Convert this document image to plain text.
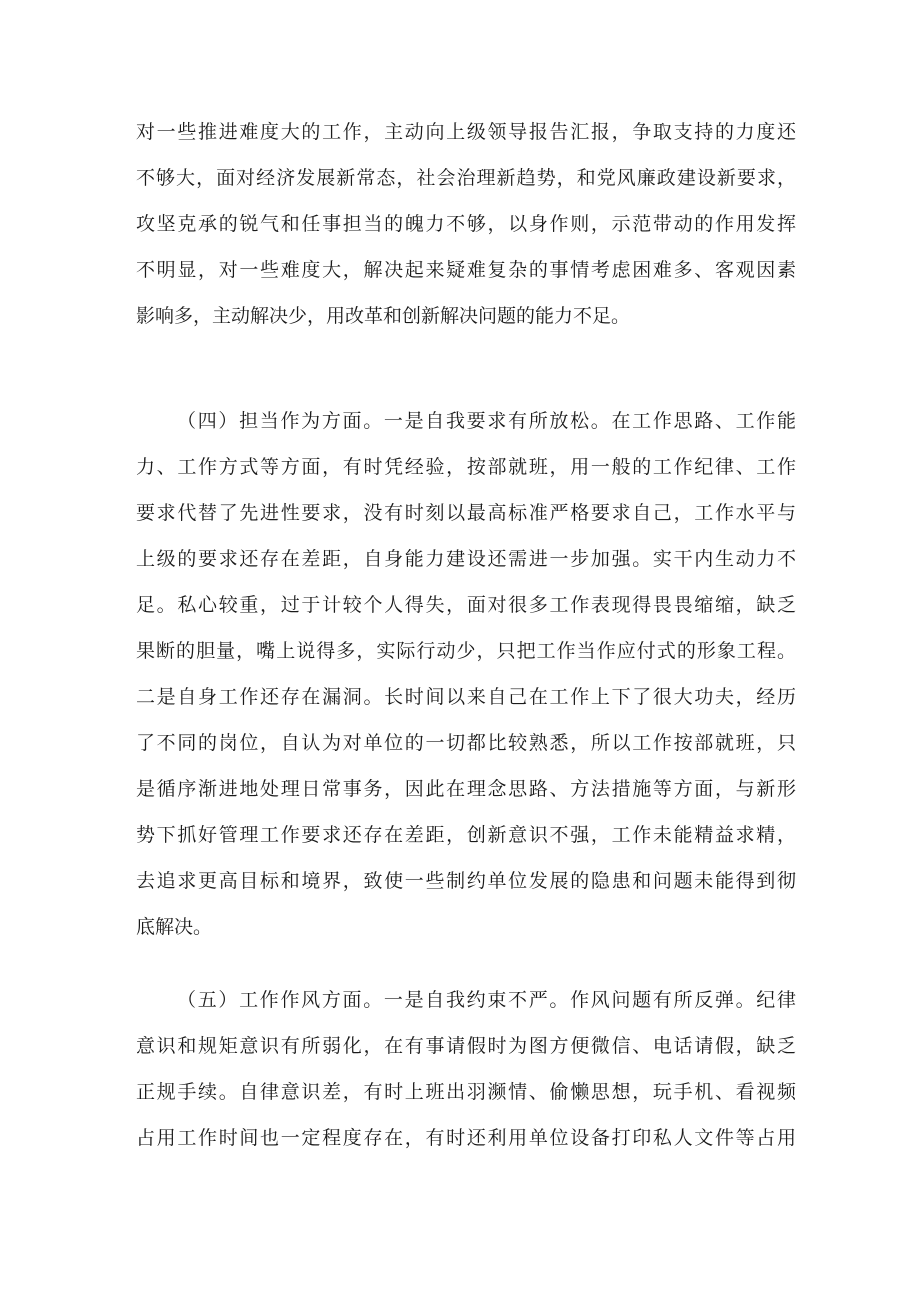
对一些推进难度大的工作，主动向上级领导报告汇报，争取支持的力度还
不够大，面对经济发展新常态，社会治理新趋势，和党风廉政建设新要求，
攻坚克承的锐气和任事担当的魄力不够，以身作则，示范带动的作用发挥
不明显，对一些难度大，解决起来疑难复杂的事情考虑困难多、客观因素
影响多，主动解决少，用改革和创新解决问题的能力不足。
（四）担当作为方面。一是自我要求有所放松。在工作思路、工作能
力、工作方式等方面，有时凭经验，按部就班，用一般的工作纪律、工作
要求代替了先进性要求，没有时刻以最高标准严格要求自己，工作水平与
上级的要求还存在差距，自身能力建设还需进一步加强。实干内生动力不
足。私心较重，过于计较个人得失，面对很多工作表现得畏畏缩缩，缺乏
果断的胆量，嘴上说得多，实际行动少，只把工作当作应付式的形象工程。
二是自身工作还存在漏洞。长时间以来自己在工作上下了很大功夫，经历
了不同的岗位，自认为对单位的一切都比较熟悉，所以工作按部就班，只
是循序渐进地处理日常事务，因此在理念思路、方法措施等方面，与新形
势下抓好管理工作要求还存在差距，创新意识不强，工作未能精益求精，
去追求更高目标和境界，致使一些制约单位发展的隐患和问题未能得到彻
底解决。
（五）工作作风方面。一是自我约束不严。作风问题有所反弹。纪律
意识和规矩意识有所弱化，在有事请假时为图方便微信、电话请假，缺乏
正规手续。自律意识差，有时上班出羽濒情、偷懒思想，玩手机、看视频
占用工作时间也一定程度存在，有时还利用单位设备打印私人文件等占用
